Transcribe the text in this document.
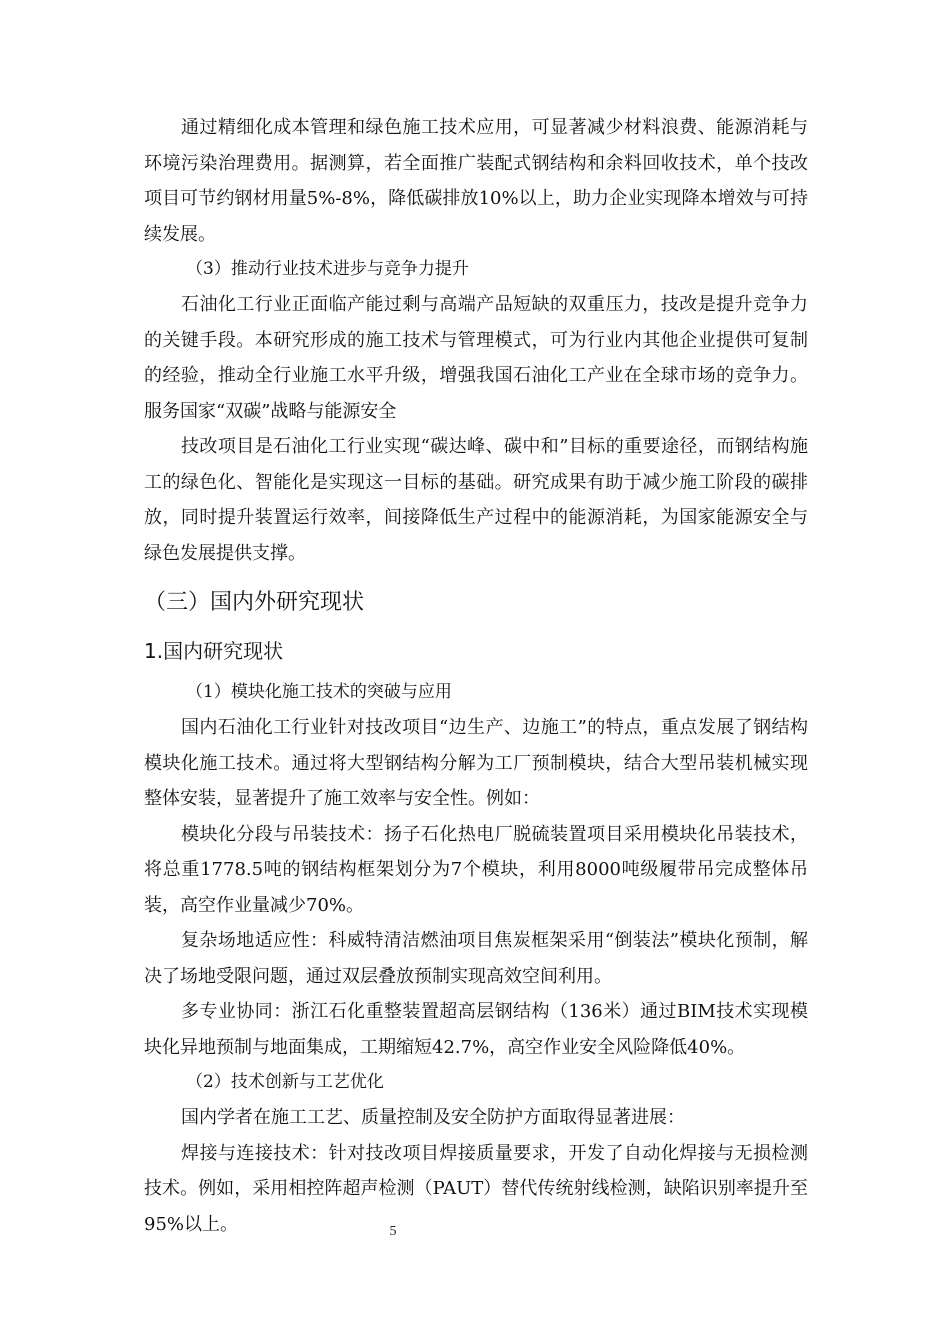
通过精细化成本管理和绿色施工技术应用，可显著减少材料浪费、能源消耗与环境污染治理费用。据测算，若全面推广装配式钢结构和余料回收技术，单个技改项目可节约钢材用量5%-8%，降低碳排放10%以上，助力企业实现降本增效与可持续发展。

（3）推动行业技术进步与竞争力提升

石油化工行业正面临产能过剩与高端产品短缺的双重压力，技改是提升竞争力的关键手段。本研究形成的施工技术与管理模式，可为行业内其他企业提供可复制的经验，推动全行业施工水平升级，增强我国石油化工产业在全球市场的竞争力。服务国家“双碳”战略与能源安全

技改项目是石油化工行业实现“碳达峰、碳中和”目标的重要途径，而钢结构施工的绿色化、智能化是实现这一目标的基础。研究成果有助于减少施工阶段的碳排放，同时提升装置运行效率，间接降低生产过程中的能源消耗，为国家能源安全与绿色发展提供支撑。

（三）国内外研究现状
1.国内研究现状

（1）模块化施工技术的突破与应用

国内石油化工行业针对技改项目“边生产、边施工”的特点，重点发展了钢结构模块化施工技术。通过将大型钢结构分解为工厂预制模块，结合大型吊装机械实现整体安装，显著提升了施工效率与安全性。例如：

模块化分段与吊装技术：扬子石化热电厂脱硫装置项目采用模块化吊装技术，将总重1778.5吨的钢结构框架划分为7个模块，利用8000吨级履带吊完成整体吊装，高空作业量减少70%。

复杂场地适应性：科威特清洁燃油项目焦炭框架采用“倒装法”模块化预制，解决了场地受限问题，通过双层叠放预制实现高效空间利用。

多专业协同：浙江石化重整装置超高层钢结构（136米）通过BIM技术实现模块化异地预制与地面集成，工期缩短42.7%，高空作业安全风险降低40%。

（2）技术创新与工艺优化

国内学者在施工工艺、质量控制及安全防护方面取得显著进展：

焊接与连接技术：针对技改项目焊接质量要求，开发了自动化焊接与无损检测技术。例如，采用相控阵超声检测（PAUT）替代传统射线检测，缺陷识别率提升至95%以上。	5
